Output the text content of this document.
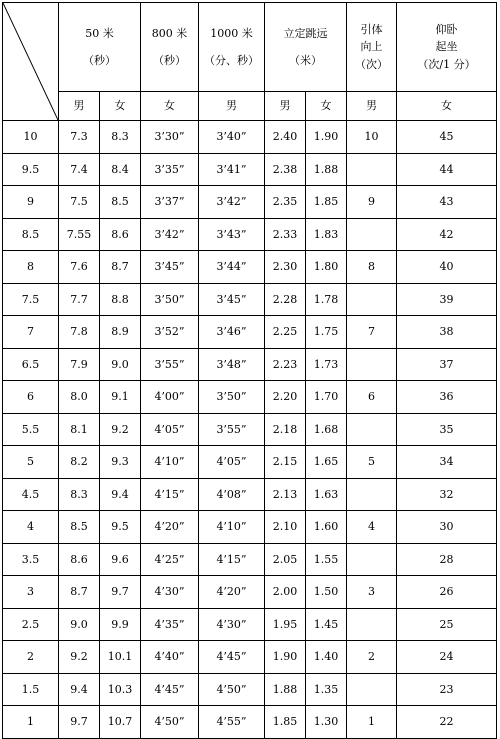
	50 米
（秒）		800 米
（秒）	1000 米
（分、秒）	立定跳远
（米）		引体
向上
（次）	仰卧
起坐
（次/1 分）

	男	女	女	男	男	女	男	女
10	7.3	8.3	3’30”	3’40”	2.40	1.90	10	45
9.5	7.4	8.4	3’35”	3’41”	2.38	1.88		44
9	7.5	8.5	3’37”	3’42”	2.35	1.85	9	43
8.5	7.55	8.6	3’42”	3’43”	2.33	1.83		42
8	7.6	8.7	3’45”	3’44”	2.30	1.80	8	40
7.5	7.7	8.8	3’50”	3’45”	2.28	1.78		39
7	7.8	8.9	3’52”	3’46”	2.25	1.75	7	38
6.5	7.9	9.0	3’55”	3’48”	2.23	1.73		37
6	8.0	9.1	4’00”	3’50”	2.20	1.70	6	36
5.5	8.1	9.2	4’05”	3’55”	2.18	1.68		35
5	8.2	9.3	4’10”	4’05”	2.15	1.65	5	34
4.5	8.3	9.4	4’15”	4’08”	2.13	1.63		32
4	8.5	9.5	4’20”	4’10”	2.10	1.60	4	30
3.5	8.6	9.6	4’25”	4’15”	2.05	1.55		28
3	8.7	9.7	4’30”	4’20”	2.00	1.50	3	26
2.5	9.0	9.9	4’35”	4’30”	1.95	1.45		25
2	9.2	10.1	4’40”	4’45”	1.90	1.40	2	24
1.5	9.4	10.3	4’45”	4’50”	1.88	1.35		23
1	9.7	10.7	4’50”	4’55”	1.85	1.30	1	22
